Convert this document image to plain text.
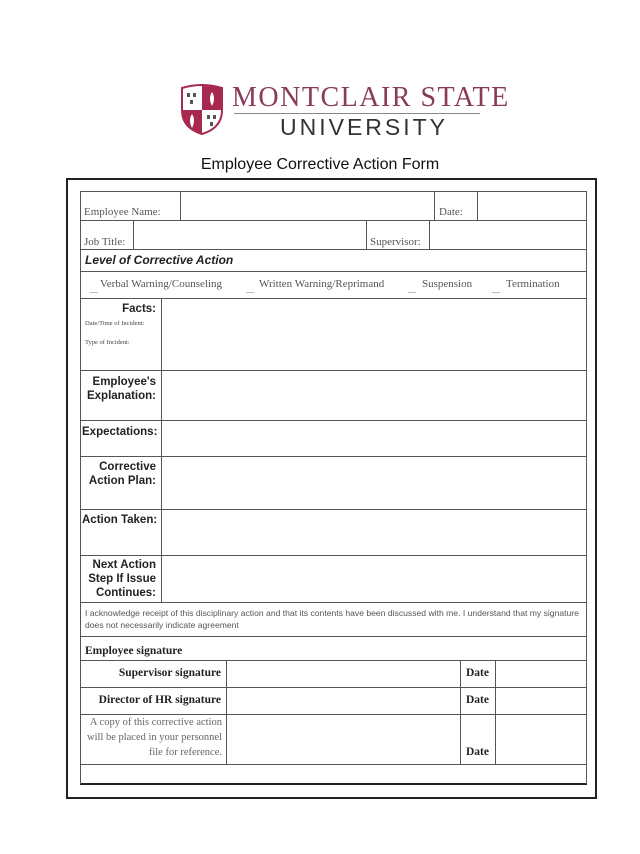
MONTCLAIR STATE
UNIVERSITY
Employee Corrective Action Form
Employee Name:	Date:
Job Title:	Supervisor:
Level of Corrective Action
Verbal Warning/Counseling	Written Warning/Reprimand	Suspension	Termination
Facts:
Date/Time of Incident:
Type of Incident:
Employee's
Explanation:
Expectations:
Corrective
Action Plan:
Action Taken:
Next Action
Step If Issue
Continues:
I acknowledge receipt of this disciplinary action and that its contents have been discussed with me. I understand that my signature does not necessarily indicate agreement
Employee signature
Supervisor signature	Date
Director of HR signature	Date
A copy of this corrective action will be placed in your personnel file for reference.	Date
